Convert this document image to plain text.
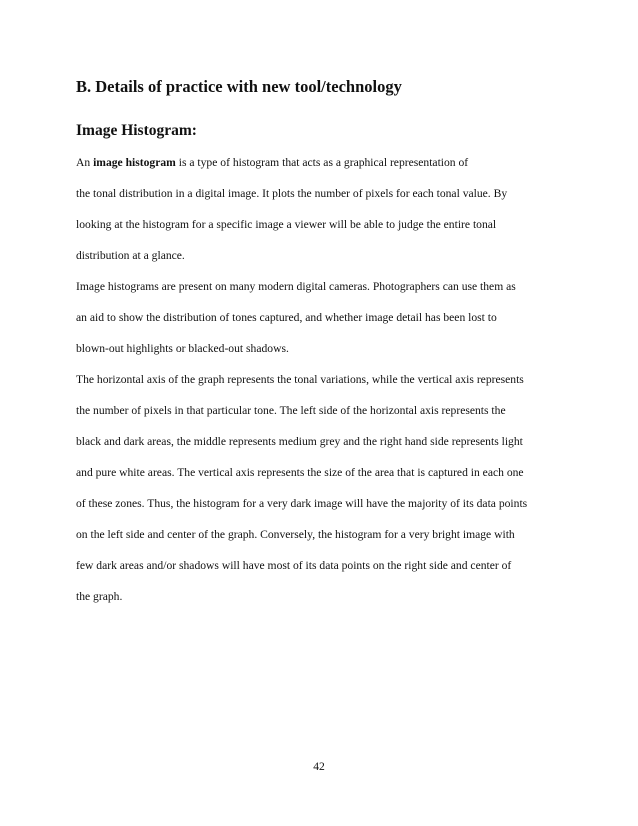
B. Details of practice with new tool/technology
Image Histogram:
An image histogram is a type of histogram that acts as a graphical representation of
the tonal distribution in a digital image. It plots the number of pixels for each tonal value. By
looking at the histogram for a specific image a viewer will be able to judge the entire tonal
distribution at a glance.
Image histograms are present on many modern digital cameras. Photographers can use them as
an aid to show the distribution of tones captured, and whether image detail has been lost to
blown-out highlights or blacked-out shadows.
The horizontal axis of the graph represents the tonal variations, while the vertical axis represents
the number of pixels in that particular tone. The left side of the horizontal axis represents the
black and dark areas, the middle represents medium grey and the right hand side represents light
and pure white areas. The vertical axis represents the size of the area that is captured in each one
of these zones. Thus, the histogram for a very dark image will have the majority of its data points
on the left side and center of the graph. Conversely, the histogram for a very bright image with
few dark areas and/or shadows will have most of its data points on the right side and center of
the graph.
42
